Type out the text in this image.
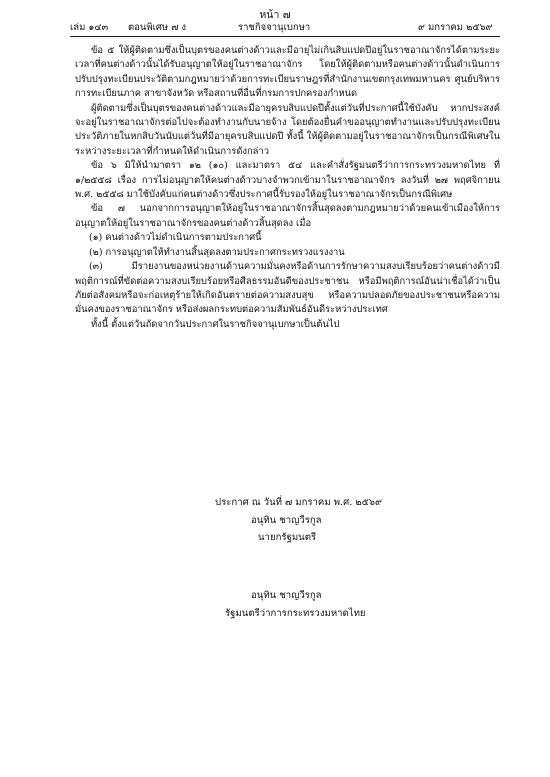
หน้า ๗
เล่ม ๑๔๓ ตอนพิเศษ ๗ ง	ราชกิจจานุเบกษา	๙ มกราคม ๒๕๖๙

ข้อ ๕ ให้ผู้ติดตามซึ่งเป็นบุตรของคนต่างด้าวและมีอายุไม่เกินสิบแปดปีอยู่ในราชอาณาจักรได้ตามระยะเวลาที่คนต่างด้าวนั้นได้รับอนุญาตให้อยู่ในราชอาณาจักร โดยให้ผู้ติดตามหรือคนต่างด้าวนั้นดำเนินการปรับปรุงทะเบียนประวัติตามกฎหมายว่าด้วยการทะเบียนราษฎรที่สำนักงานเขตกรุงเทพมหานคร ศูนย์บริหารการทะเบียนภาค สาขาจังหวัด หรือสถานที่อื่นที่กรมการปกครองกำหนด

ผู้ติดตามซึ่งเป็นบุตรของคนต่างด้าวและมีอายุครบสิบแปดปีตั้งแต่วันที่ประกาศนี้ใช้บังคับ หากประสงค์จะอยู่ในราชอาณาจักรต่อไปจะต้องทำงานกับนายจ้าง โดยต้องยื่นคำขออนุญาตทำงานและปรับปรุงทะเบียนประวัติภายในหกสิบวันนับแต่วันที่มีอายุครบสิบแปดปี ทั้งนี้ ให้ผู้ติดตามอยู่ในราชอาณาจักรเป็นกรณีพิเศษในระหว่างระยะเวลาที่กำหนดให้ดำเนินการดังกล่าว

ข้อ ๖ มิให้นำมาตรา ๑๒ (๑๐) และมาตรา ๕๔ และคำสั่งรัฐมนตรีว่าการกระทรวงมหาดไทย ที่ ๑/๒๕๕๘ เรื่อง การไม่อนุญาตให้คนต่างด้าวบางจำพวกเข้ามาในราชอาณาจักร ลงวันที่ ๒๗ พฤศจิกายน พ.ศ. ๒๕๕๘ มาใช้บังคับแก่คนต่างด้าวซึ่งประกาศนี้รับรองให้อยู่ในราชอาณาจักรเป็นกรณีพิเศษ

ข้อ ๗ นอกจากการอนุญาตให้อยู่ในราชอาณาจักรสิ้นสุดลงตามกฎหมายว่าด้วยคนเข้าเมืองให้การอนุญาตให้อยู่ในราชอาณาจักรของคนต่างด้าวสิ้นสุดลง เมื่อ

(๑) คนต่างด้าวไม่ดำเนินการตามประกาศนี้

(๒) การอนุญาตให้ทำงานสิ้นสุดลงตามประกาศกระทรวงแรงงาน

(๓) มีรายงานของหน่วยงานด้านความมั่นคงหรือด้านการรักษาความสงบเรียบร้อยว่าคนต่างด้าวมีพฤติการณ์ที่ขัดต่อความสงบเรียบร้อยหรือศีลธรรมอันดีของประชาชน หรือมีพฤติการณ์อันน่าเชื่อได้ว่าเป็นภัยต่อสังคมหรือจะก่อเหตุร้ายให้เกิดอันตรายต่อความสงบสุข หรือความปลอดภัยของประชาชนหรือความมั่นคงของราชอาณาจักร หรือส่งผลกระทบต่อความสัมพันธ์อันดีระหว่างประเทศ

ทั้งนี้ ตั้งแต่วันถัดจากวันประกาศในราชกิจจานุเบกษาเป็นต้นไป

ประกาศ ณ วันที่ ๗ มกราคม พ.ศ. ๒๕๖๙
อนุทิน ชาญวีรกูล
นายกรัฐมนตรี
อนุทิน ชาญวีรกูล
รัฐมนตรีว่าการกระทรวงมหาดไทย
